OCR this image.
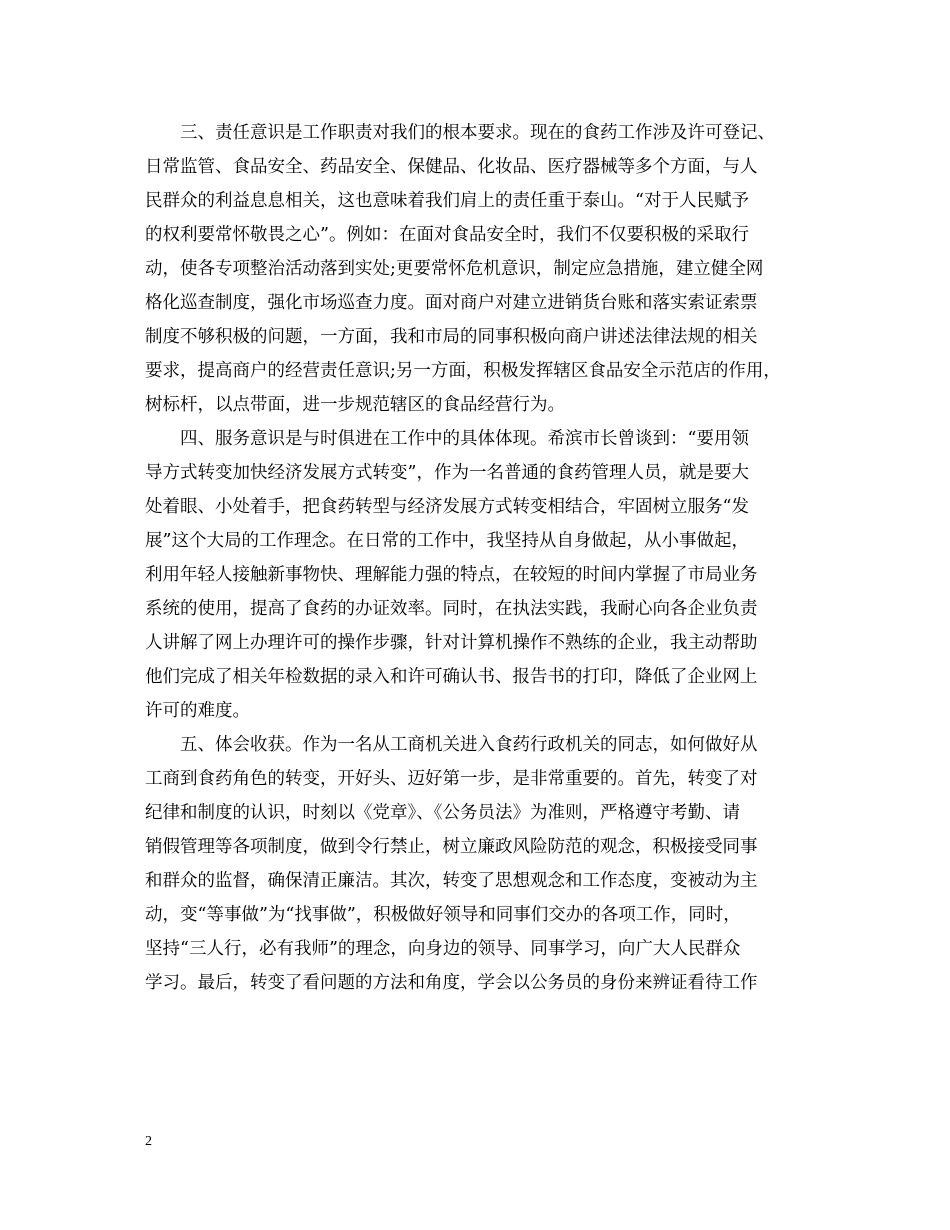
三、责任意识是工作职责对我们的根本要求。现在的食药工作涉及许可登记、
日常监管、食品安全、药品安全、保健品、化妆品、医疗器械等多个方面，与人
民群众的利益息息相关，这也意味着我们肩上的责任重于泰山。“对于人民赋予
的权利要常怀敬畏之心”。例如：在面对食品安全时，我们不仅要积极的采取行
动，使各专项整治活动落到实处;更要常怀危机意识，制定应急措施，建立健全网
格化巡查制度，强化市场巡查力度。面对商户对建立进销货台账和落实索证索票
制度不够积极的问题，一方面，我和市局的同事积极向商户讲述法律法规的相关
要求，提高商户的经营责任意识;另一方面，积极发挥辖区食品安全示范店的作用，
树标杆，以点带面，进一步规范辖区的食品经营行为。
四、服务意识是与时俱进在工作中的具体体现。希滨市长曾谈到：“要用领
导方式转变加快经济发展方式转变”，作为一名普通的食药管理人员，就是要大
处着眼、小处着手，把食药转型与经济发展方式转变相结合，牢固树立服务“发
展”这个大局的工作理念。在日常的工作中，我坚持从自身做起，从小事做起，
利用年轻人接触新事物快、理解能力强的特点，在较短的时间内掌握了市局业务
系统的使用，提高了食药的办证效率。同时，在执法实践，我耐心向各企业负责
人讲解了网上办理许可的操作步骤，针对计算机操作不熟练的企业，我主动帮助
他们完成了相关年检数据的录入和许可确认书、报告书的打印，降低了企业网上
许可的难度。
五、体会收获。作为一名从工商机关进入食药行政机关的同志，如何做好从
工商到食药角色的转变，开好头、迈好第一步，是非常重要的。首先，转变了对
纪律和制度的认识，时刻以《党章》、《公务员法》为准则，严格遵守考勤、请
销假管理等各项制度，做到令行禁止，树立廉政风险防范的观念，积极接受同事
和群众的监督，确保清正廉洁。其次，转变了思想观念和工作态度，变被动为主
动，变“等事做”为“找事做”，积极做好领导和同事们交办的各项工作，同时，
坚持“三人行，必有我师”的理念，向身边的领导、同事学习，向广大人民群众
学习。最后，转变了看问题的方法和角度，学会以公务员的身份来辨证看待工作
2
